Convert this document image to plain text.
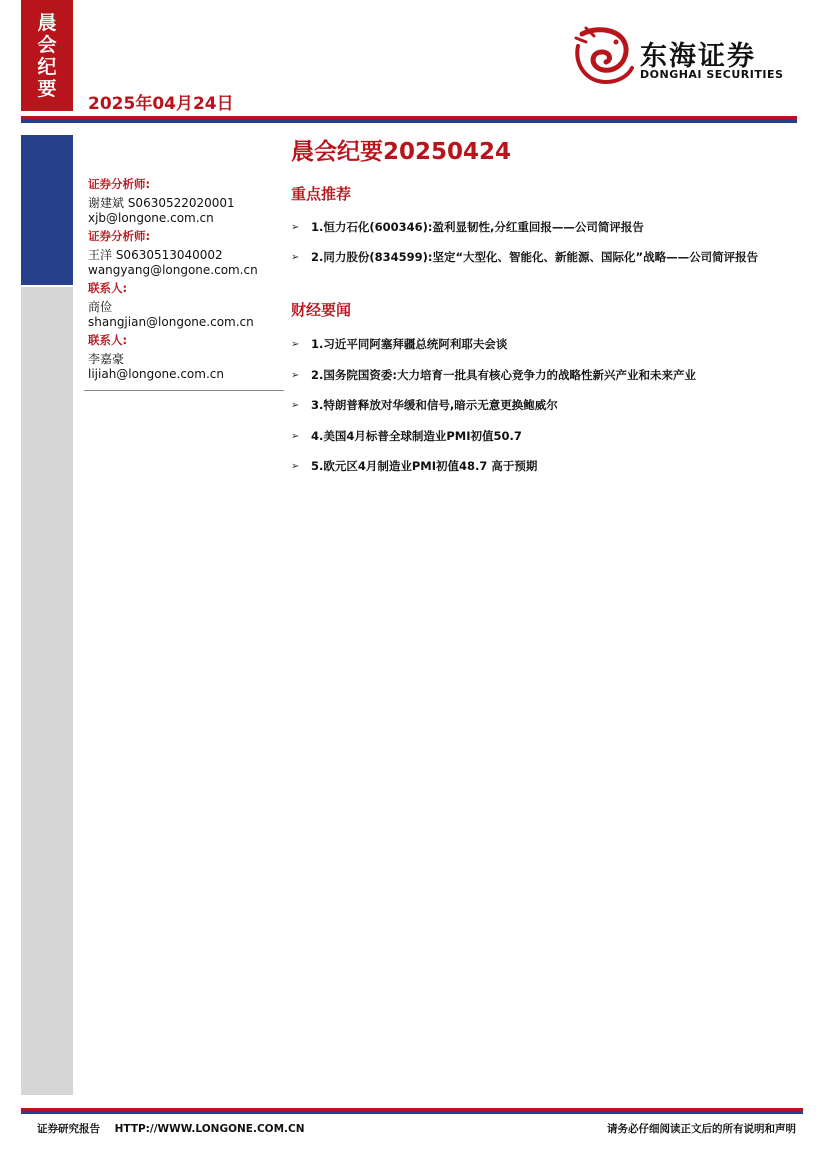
晨
会
纪
要
2025年04月24日
东海证券
DONGHAI SECURITIES
证券分析师:
谢建斌 S0630522020001
xjb@longone.com.cn
证券分析师:
王洋 S0630513040002
wangyang@longone.com.cn
联系人:
商俭
shangjian@longone.com.cn
联系人:
李嘉豪
lijiah@longone.com.cn
晨会纪要20250424
重点推荐
➢	1.恒力石化(600346):盈利显韧性,分红重回报——公司简评报告
➢	2.同力股份(834599):坚定“大型化、智能化、新能源、国际化”战略——公司简评报告
财经要闻
➢	1.习近平同阿塞拜疆总统阿利耶夫会谈
➢	2.国务院国资委:大力培育一批具有核心竞争力的战略性新兴产业和未来产业
➢	3.特朗普释放对华缓和信号,暗示无意更换鲍威尔
➢	4.美国4月标普全球制造业PMI初值50.7
➢	5.欧元区4月制造业PMI初值48.7 高于预期
证券研究报告    HTTP://WWW.LONGONE.COM.CN	请务必仔细阅读正文后的所有说明和声明
